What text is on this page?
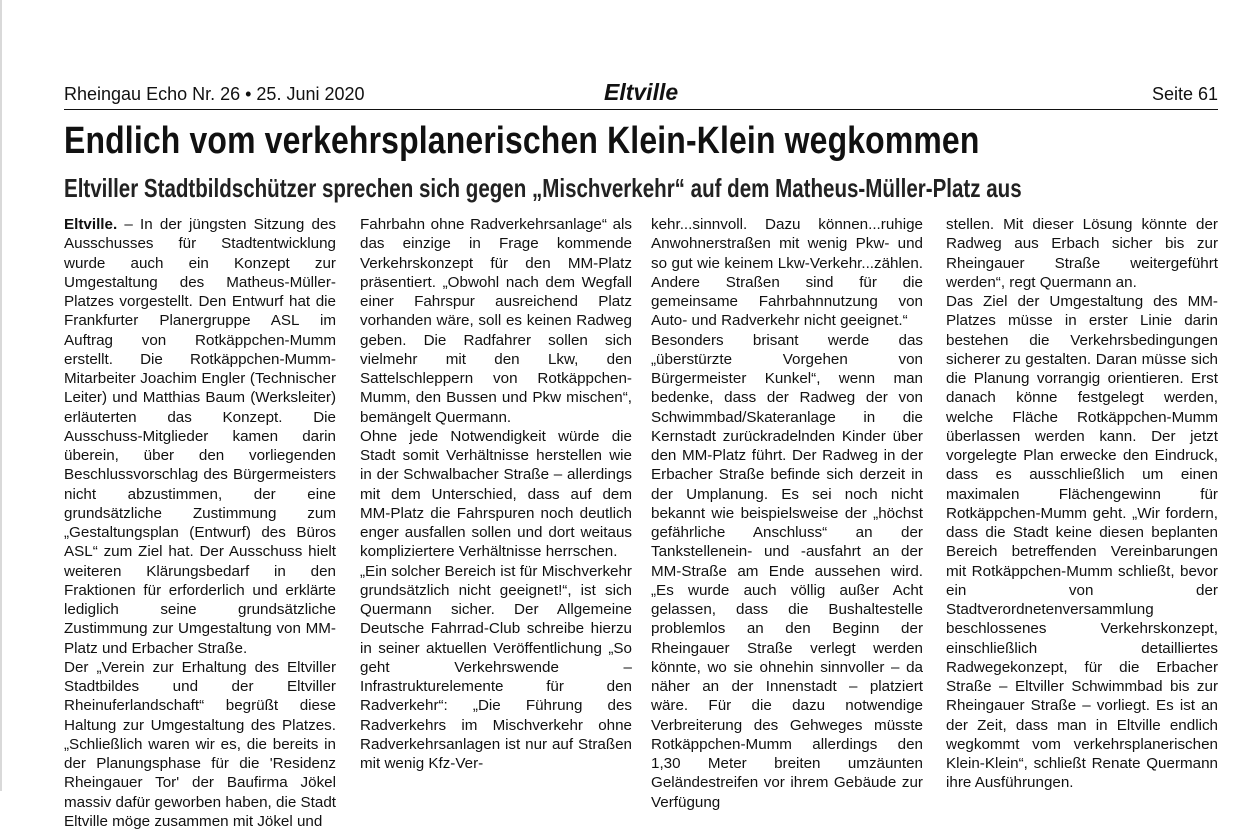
Rheingau Echo Nr. 26 • 25. Juni 2020	Eltville	Seite 61
Endlich vom verkehrsplanerischen Klein-Klein wegkommen
Eltviller Stadtbildschützer sprechen sich gegen „Mischverkehr“ auf dem Matheus-Müller-Platz aus

Eltville. – In der jüngsten Sitzung des Ausschusses für Stadtentwicklung wurde auch ein Konzept zur Umgestaltung des Matheus-Müller-Platzes vorgestellt. Den Entwurf hat die Frankfurter Planergruppe ASL im Auftrag von Rotkäppchen-Mumm erstellt. Die Rotkäppchen-Mumm-Mitarbeiter Joachim Engler (Technischer Leiter) und Matthias Baum (Werksleiter) erläuterten das Konzept. Die Ausschuss-Mitglieder kamen darin überein, über den vorliegenden Beschlussvorschlag des Bürgermeisters nicht abzustimmen, der eine grundsätzliche Zustimmung zum „Gestaltungsplan (Entwurf) des Büros ASL“ zum Ziel hat. Der Ausschuss hielt weiteren Klärungsbedarf in den Fraktionen für erforderlich und erklärte lediglich seine grundsätzliche Zustimmung zur Umgestaltung von MM-Platz und Erbacher Straße.

Der „Verein zur Erhaltung des Eltviller Stadtbildes und der Eltviller Rheinuferlandschaft“ begrüßt diese Haltung zur Umgestaltung des Platzes. „Schließlich waren wir es, die bereits in der Planungsphase für die 'Residenz Rheingauer Tor' der Baufirma Jökel massiv dafür geworben haben, die Stadt Eltville möge zusammen mit Jökel und

Fahrbahn ohne Radverkehrsanlage“ als das einzige in Frage kommende Verkehrskonzept für den MM-Platz präsentiert. „Obwohl nach dem Wegfall einer Fahrspur ausreichend Platz vorhanden wäre, soll es keinen Radweg geben. Die Radfahrer sollen sich vielmehr mit den Lkw, den Sattelschleppern von Rotkäppchen-Mumm, den Bussen und Pkw mischen“, bemängelt Quermann.

Ohne jede Notwendigkeit würde die Stadt somit Verhältnisse herstellen wie in der Schwalbacher Straße – allerdings mit dem Unterschied, dass auf dem MM-Platz die Fahrspuren noch deutlich enger ausfallen sollen und dort weitaus kompliziertere Verhältnisse herrschen.

„Ein solcher Bereich ist für Mischverkehr grundsätzlich nicht geeignet!“, ist sich Quermann sicher. Der Allgemeine Deutsche Fahrrad-Club schreibe hierzu in seiner aktuellen Veröffentlichung „So geht Verkehrswende – Infrastrukturelemente für den Radverkehr“: „Die Führung des Radverkehrs im Mischverkehr ohne Radverkehrsanlagen ist nur auf Straßen mit wenig Kfz-Ver-

kehr...sinnvoll. Dazu können...ruhige Anwohnerstraßen mit wenig Pkw- und so gut wie keinem Lkw-Verkehr...zählen. Andere Straßen sind für die gemeinsame Fahrbahnnutzung von Auto- und Radverkehr nicht geeignet.“

Besonders brisant werde das „überstürzte Vorgehen von Bürgermeister Kunkel“, wenn man bedenke, dass der Radweg der von Schwimmbad/Skateranlage in die Kernstadt zurückradelnden Kinder über den MM-Platz führt. Der Radweg in der Erbacher Straße befinde sich derzeit in der Umplanung. Es sei noch nicht bekannt wie beispielsweise der „höchst gefährliche Anschluss“ an der Tankstellenein- und -ausfahrt an der MM-Straße am Ende aussehen wird. „Es wurde auch völlig außer Acht gelassen, dass die Bushaltestelle problemlos an den Beginn der Rheingauer Straße verlegt werden könnte, wo sie ohnehin sinnvoller – da näher an der Innenstadt – platziert wäre. Für die dazu notwendige Verbreiterung des Gehweges müsste Rotkäppchen-Mumm allerdings den 1,30 Meter breiten umzäunten Geländestreifen vor ihrem Gebäude zur Verfügung

stellen. Mit dieser Lösung könnte der Radweg aus Erbach sicher bis zur Rheingauer Straße weitergeführt werden“, regt Quermann an.

Das Ziel der Umgestaltung des MM-Platzes müsse in erster Linie darin bestehen die Verkehrsbedingungen sicherer zu gestalten. Daran müsse sich die Planung vorrangig orientieren. Erst danach könne festgelegt werden, welche Fläche Rotkäppchen-Mumm überlassen werden kann. Der jetzt vorgelegte Plan erwecke den Eindruck, dass es ausschließlich um einen maximalen Flächengewinn für Rotkäppchen-Mumm geht. „Wir fordern, dass die Stadt keine diesen beplanten Bereich betreffenden Vereinbarungen mit Rotkäppchen-Mumm schließt, bevor ein von der Stadtverordnetenversammlung beschlossenes Verkehrskonzept, einschließlich detailliertes Radwegekonzept, für die Erbacher Straße – Eltviller Schwimmbad bis zur Rheingauer Straße – vorliegt. Es ist an der Zeit, dass man in Eltville endlich wegkommt vom verkehrsplanerischen Klein-Klein“, schließt Renate Quermann ihre Ausführungen.
